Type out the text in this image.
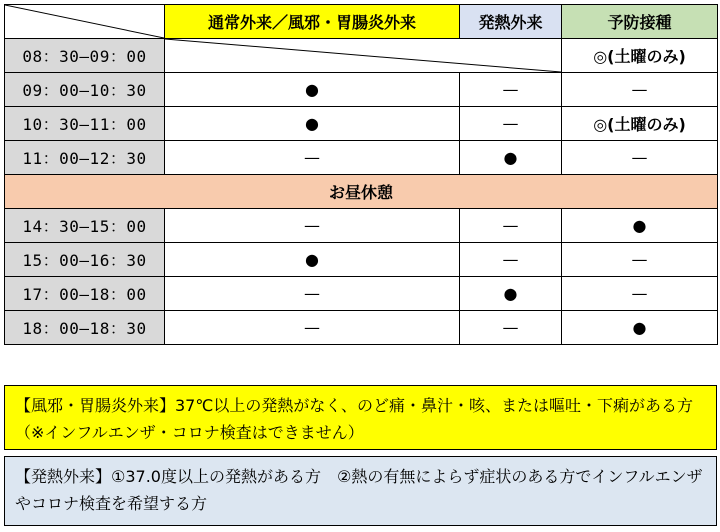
	通常外来／風邪・胃腸炎外来	発熱外来	予防接種
08：30—09：00			◎(土曜のみ)
09：00—10：30	●	—	—
10：30—11：00	●	—	◎(土曜のみ)
11：00—12：30	—	●	—
お昼休憩			
14：30—15：00	—	—	●
15：00—16：30	●	—	—
17：00—18：00	—	●	—
18：00—18：30	—	—	●
【風邪・胃腸炎外来】37℃以上の発熱がなく、のど痛・鼻汁・咳、または嘔吐・下痢がある方（※インフルエンザ・コロナ検査はできません）
【発熱外来】①37.0度以上の発熱がある方　②熱の有無によらず症状のある方でインフルエンザやコロナ検査を希望する方
